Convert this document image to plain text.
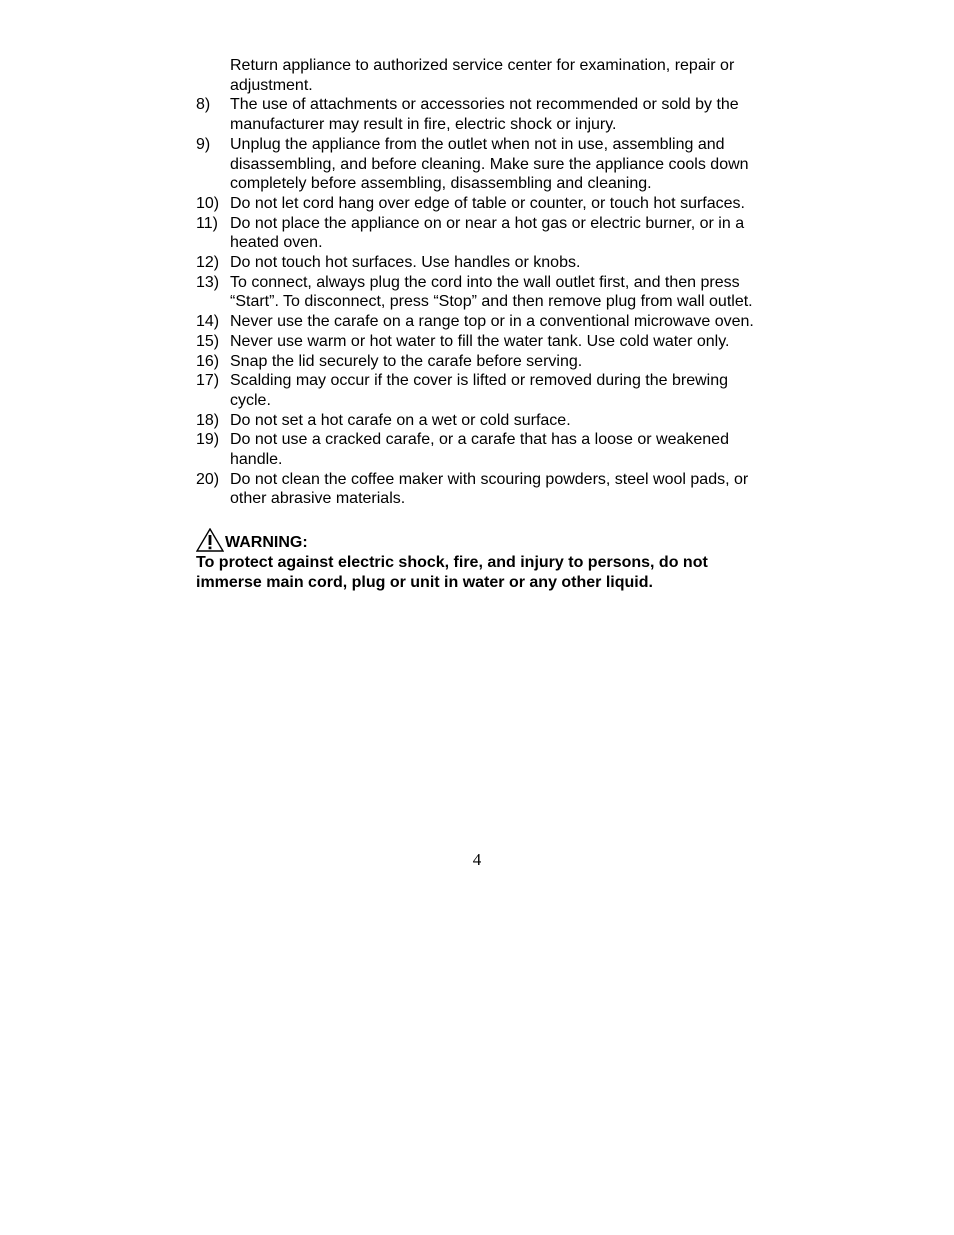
Return appliance to authorized service center for examination, repair or adjustment.
8)	The use of attachments or accessories not recommended or sold by the manufacturer may result in fire, electric shock or injury.
9)	Unplug the appliance from the outlet when not in use, assembling and disassembling, and before cleaning. Make sure the appliance cools down completely before assembling, disassembling and cleaning.
10) Do not let cord hang over edge of table or counter, or touch hot surfaces.
11) Do not place the appliance on or near a hot gas or electric burner, or in a heated oven.
12) Do not touch hot surfaces. Use handles or knobs.
13) To connect, always plug the cord into the wall outlet first, and then press “Start”. To disconnect, press “Stop” and then remove plug from wall outlet.
14) Never use the carafe on a range top or in a conventional microwave oven.
15) Never use warm or hot water to fill the water tank. Use cold water only.
16) Snap the lid securely to the carafe before serving.
17) Scalding may occur if the cover is lifted or removed during the brewing cycle.
18) Do not set a hot carafe on a wet or cold surface.
19) Do not use a cracked carafe, or a carafe that has a loose or weakened handle.
20) Do not clean the coffee maker with scouring powders, steel wool pads, or other abrasive materials.
WARNING:
To protect against electric shock, fire, and injury to persons, do not immerse main cord, plug or unit in water or any other liquid.
4
